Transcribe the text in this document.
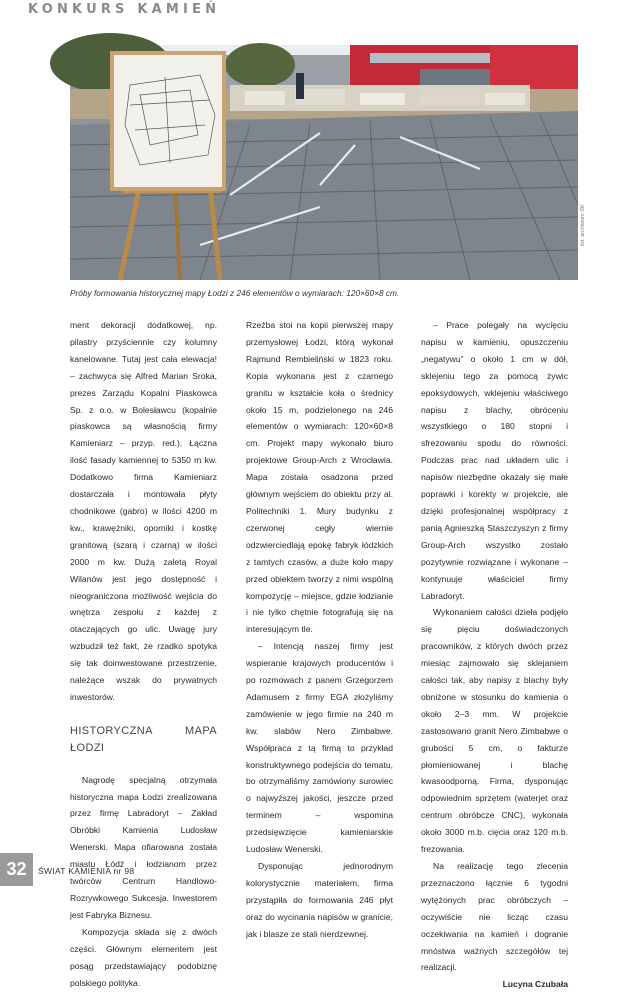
KONKURS KAMIEŃ
fot. archiwum ŚK
Próby formowania historycznej mapy Łodzi z 246 elementów o wymiarach: 120×60×8 cm.

ment dekoracji dodatkowej, np. pilastry przyściennie czy kolumny kanelowane. Tutaj jest cała elewacja! – zachwyca się Alfred Marian Sroka, prezes Zarządu Kopalni Piaskowca Sp. z o.o. w Bolesławcu (kopalnie piaskowca są własnością firmy Kamieniarz – przyp. red.). Łączna ilość fasady kamiennej to 5350 m kw. Dodatkowo firma Kamieniarz dostarczała i montowała płyty chodnikowe (gabro) w ilości 4200 m kw., krawężniki, oporniki i kostkę granitową (szarą i czarną) w ilości 2000 m kw. Dużą zaletą Royal Wilanów jest jego dostępność i nieograniczona możliwość wejścia do wnętrza zespołu z każdej z otaczających go ulic. Uwagę jury wzbudził też fakt, że rzadko spotyka się tak doinwestowane przestrzenie, należące wszak do prywatnych inwestorów.

HISTORYCZNA MAPA ŁODZI

Nagrodę specjalną otrzymała historyczna mapa Łodzi zrealizowana przez firmę Labradoryt – Zakład Obróbki Kamienia Ludosław Wenerski. Mapa ofiarowana została miastu Łódź i łodzianom przez twórców Centrum Handlowo-Rozrywkowego Sukcesja. Inwestorem jest Fabryka Biznesu.

Kompozycja składa się z dwóch części. Głównym elementem jest posąg przedstawiający podobiznę polskiego polityka.

Rzeźba stoi na kopii pierwszej mapy przemysłowej Łodzi, którą wykonał Rajmund Rembieliński w 1823 roku. Kopia wykonana jest z czarnego granitu w kształcie koła o średnicy około 15 m, podzielonego na 246 elementów o wymiarach: 120×60×8 cm. Projekt mapy wykonało biuro projektowe Group-Arch z Wrocławia. Mapa została osadzona przed głównym wejściem do obiektu przy al. Politechniki 1. Mury budynku z czerwonej cegły wiernie odzwierciedlają epokę fabryk łódzkich z tamtych czasów, a duże koło mapy przed obiektem tworzy z nimi wspólną kompozycję – miejsce, gdzie łodzianie i nie tylko chętnie fotografują się na interesującym tle.

– Intencją naszej firmy jest wspieranie krajowych producentów i po rozmowach z panem Grzegorzem Adamusem z firmy EGA złożyliśmy zamówienie w jego firmie na 240 m kw. slabów Nero Zimbabwe. Współpraca z tą firmą to przykład konstruktywnego podejścia do tematu, bo otrzymaliśmy zamówiony surowiec o najwyższej jakości, jeszcze przed terminem – wspomina przedsięwzięcie kamieniarskie Ludosław Wenerski.

Dysponując jednorodnym kolorystycznie materiałem, firma przystąpiła do formowania 246 płyt oraz do wycinania napisów w granicie, jak i blasze ze stali nierdzewnej.

– Prace polegały na wycięciu napisu w kamieniu, opuszczeniu „negatywu” o około 1 cm w dół, sklejeniu tego za pomocą żywic epoksydowych, wklejeniu właściwego napisu z blachy, obróceniu wszystkiego o 180 stopni i sfrezowaniu spodu do równości. Podczas prac nad układem ulic i napisów niezbędne okazały się małe poprawki i korekty w projekcie, ale dzięki profesjonalnej współpracy z panią Agnieszką Staszczyszyn z firmy Group-Arch wszystko zostało pozytywnie rozwiązane i wykonane – kontynuuje właściciel firmy Labradoryt.

Wykonaniem całości dzieła podjęło się pięciu doświadczonych pracowników, z których dwóch przez miesiąc zajmowało się sklejaniem całości tak, aby napisy z blachy były obniżone w stosunku do kamienia o około 2–3 mm. W projekcie zastosowano granit Nero Zimbabwe o grubości 5 cm, o fakturze płomieniowanej i blachę kwasoodporną. Firma, dysponując odpowiednim sprzętem (waterjet oraz centrum obróbcze CNC), wykonała około 3000 m.b. cięcia oraz 120 m.b. frezowania.

Na realizację tego zlecenia przeznaczono łącznie 6 tygodni wytężonych prac obróbczych – oczywiście nie licząc czasu oczekiwania na kamień i dogranie mnóstwa ważnych szczegółów tej realizacji.

Lucyna Czubała

32	ŚWIAT KAMIENIA nr 98
